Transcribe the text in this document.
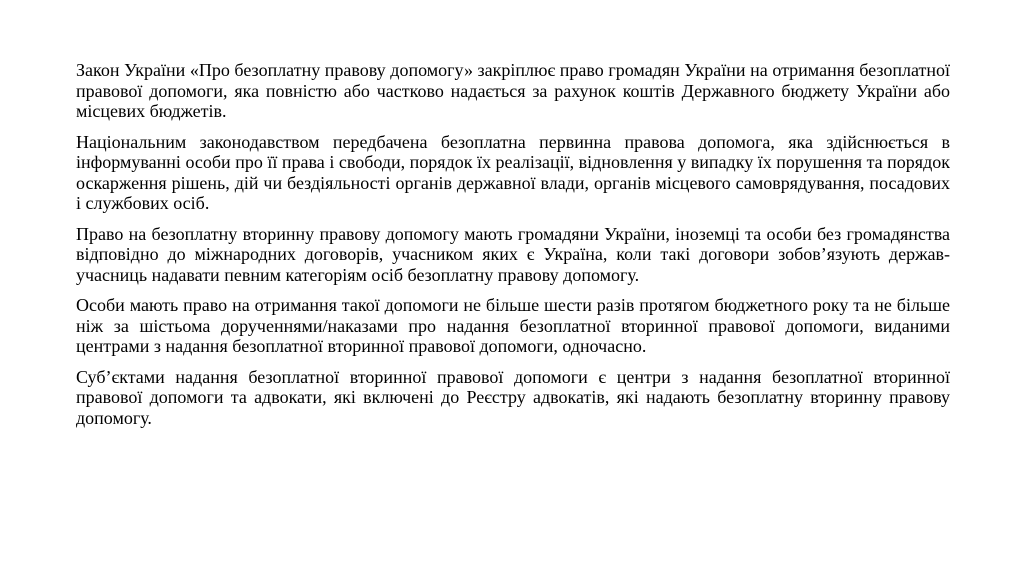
Закон України «Про безоплатну правову допомогу» закріплює право громадян України на отримання безоплатної правової допомоги, яка повністю або частково надається за рахунок коштів Державного бюджету України або місцевих бюджетів.

Національним законодавством передбачена безоплатна первинна правова допомога, яка здійснюється в інформуванні особи про її права і свободи, порядок їх реалізації, відновлення у випадку їх порушення та порядок оскарження рішень, дій чи бездіяльності органів державної влади, органів місцевого самоврядування, посадових і службових осіб.

Право на безоплатну вторинну правову допомогу мають громадяни України, іноземці та особи без громадянства відповідно до міжнародних договорів, учасником яких є Україна, коли такі договори зобов’язують держав-учасниць надавати певним категоріям осіб безоплатну правову допомогу.

Особи мають право на отримання такої допомоги не більше шести разів протягом бюджетного року та не більше ніж за шістьома дорученнями/наказами про надання безоплатної вторинної правової допомоги, виданими центрами з надання безоплатної вторинної правової допомоги, одночасно.

Суб’єктами надання безоплатної вторинної правової допомоги є центри з надання безоплатної вторинної правової допомоги та адвокати, які включені до Реєстру адвокатів, які надають безоплатну вторинну правову допомогу.
